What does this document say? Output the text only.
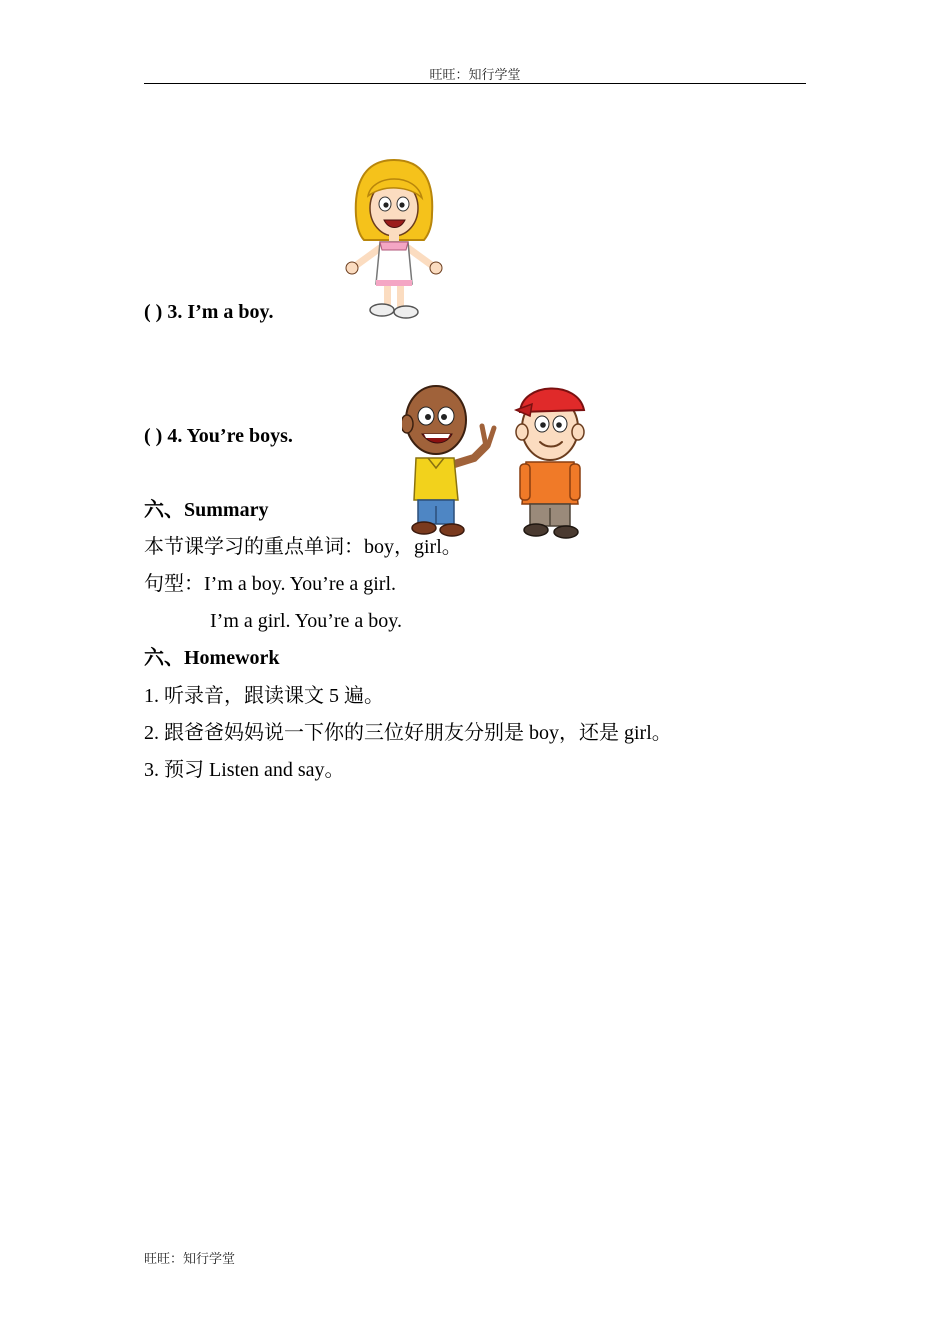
旺旺：知行学堂
( ) 3. I’m a boy.
( ) 4. You’re boys.
六、Summary
本节课学习的重点单词：boy，girl。
句型：I’m a boy. You’re a girl.
I’m a girl. You’re a boy.
六、Homework
1. 听录音，跟读课文 5 遍。
2. 跟爸爸妈妈说一下你的三位好朋友分别是 boy，还是 girl。
3. 预习 Listen and say。
旺旺：知行学堂
